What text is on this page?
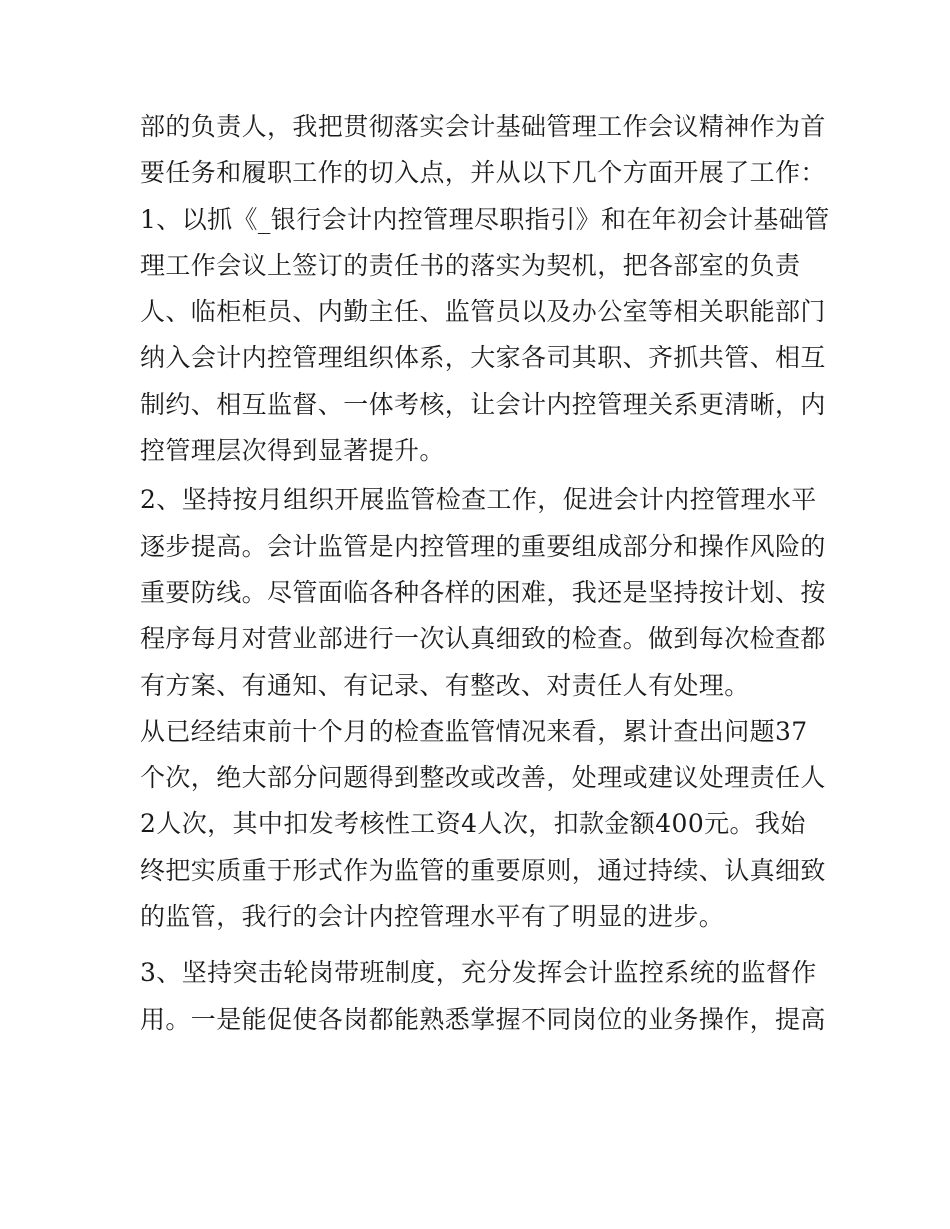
部的负责人，我把贯彻落实会计基础管理工作会议精神作为首
要任务和履职工作的切入点，并从以下几个方面开展了工作：
1、以抓《_银行会计内控管理尽职指引》和在年初会计基础管
理工作会议上签订的责任书的落实为契机，把各部室的负责
人、临柜柜员、内勤主任、监管员以及办公室等相关职能部门
纳入会计内控管理组织体系，大家各司其职、齐抓共管、相互
制约、相互监督、一体考核，让会计内控管理关系更清晰，内
控管理层次得到显著提升。
2、坚持按月组织开展监管检查工作，促进会计内控管理水平
逐步提高。会计监管是内控管理的重要组成部分和操作风险的
重要防线。尽管面临各种各样的困难，我还是坚持按计划、按
程序每月对营业部进行一次认真细致的检查。做到每次检查都
有方案、有通知、有记录、有整改、对责任人有处理。
从已经结束前十个月的检查监管情况来看，累计查出问题37
个次，绝大部分问题得到整改或改善，处理或建议处理责任人
2人次，其中扣发考核性工资4人次，扣款金额400元。我始
终把实质重于形式作为监管的重要原则，通过持续、认真细致
的监管，我行的会计内控管理水平有了明显的进步。
3、坚持突击轮岗带班制度，充分发挥会计监控系统的监督作
用。一是能促使各岗都能熟悉掌握不同岗位的业务操作，提高
